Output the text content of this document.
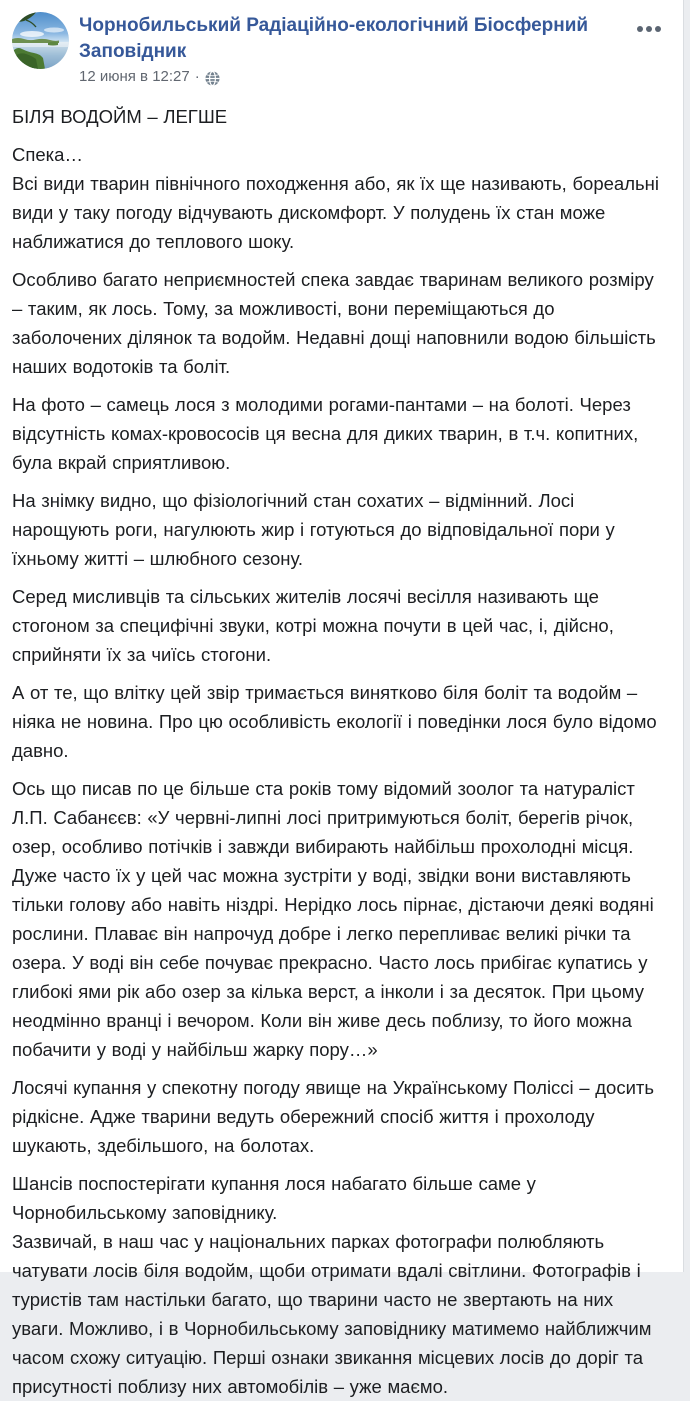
Чорнобильський Радіаційно-екологічний Біосферний Заповідник
12 июня в 12:27 ·

БІЛЯ ВОДОЙМ – ЛЕГШЕ

Спека…
Всі види тварин північного походження або, як їх ще називають, бореальні види у таку погоду відчувають дискомфорт. У полудень їх стан може наближатися до теплового шоку.

Особливо багато неприємностей спека завдає тваринам великого розміру – таким, як лось. Тому, за можливості, вони переміщаються до заболочених ділянок та водойм. Недавні дощі наповнили водою більшість наших водотоків та боліт.

На фото – самець лося з молодими рогами-пантами – на болоті. Через відсутність комах-кровососів ця весна для диких тварин, в т.ч. копитних, була вкрай сприятливою.

На знімку видно, що фізіологічний стан сохатих – відмінний. Лосі нарощують роги, нагулюють жир і готуються до відповідальної пори у їхньому житті – шлюбного сезону.

Серед мисливців та сільських жителів лосячі весілля називають ще стогоном за специфічні звуки, котрі можна почути в цей час, і, дійсно, сприйняти їх за чиїсь стогони.

А от те, що влітку цей звір тримається винятково біля боліт та водойм – ніяка не новина. Про цю особливість екології і поведінки лося було відомо давно.

Ось що писав по це більше ста років тому відомий зоолог та натураліст Л.П. Сабанєєв: «У червні-липні лосі притримуються боліт, берегів річок, озер, особливо потічків і завжди вибирають найбільш прохолодні місця. Дуже часто їх у цей час можна зустріти у воді, звідки вони виставляють тільки голову або навіть ніздрі. Нерідко лось пірнає, дістаючи деякі водяні рослини. Плаває він напрочуд добре і легко перепливає великі річки та озера. У воді він себе почуває прекрасно. Часто лось прибігає купатись у глибокі ями рік або озер за кілька верст, а інколи і за десяток. При цьому неодмінно вранці і вечором. Коли він живе десь поблизу, то його можна побачити у воді у найбільш жарку пору…»

Лосячі купання у спекотну погоду явище на Українському Поліссі – досить рідкісне. Адже тварини ведуть обережний спосіб життя і прохолоду шукають, здебільшого, на болотах.

Шансів поспостерігати купання лося набагато більше саме у Чорнобильському заповіднику.
Зазвичай, в наш час у національних парках фотографи полюбляють чатувати лосів біля водойм, щоби отримати вдалі світлини. Фотографів і туристів там настільки багато, що тварини часто не звертають на них уваги. Можливо, і в Чорнобильському заповіднику матимемо найближчим часом схожу ситуацію. Перші ознаки звикання місцевих лосів до доріг та присутності поблизу них автомобілів – уже маємо.
